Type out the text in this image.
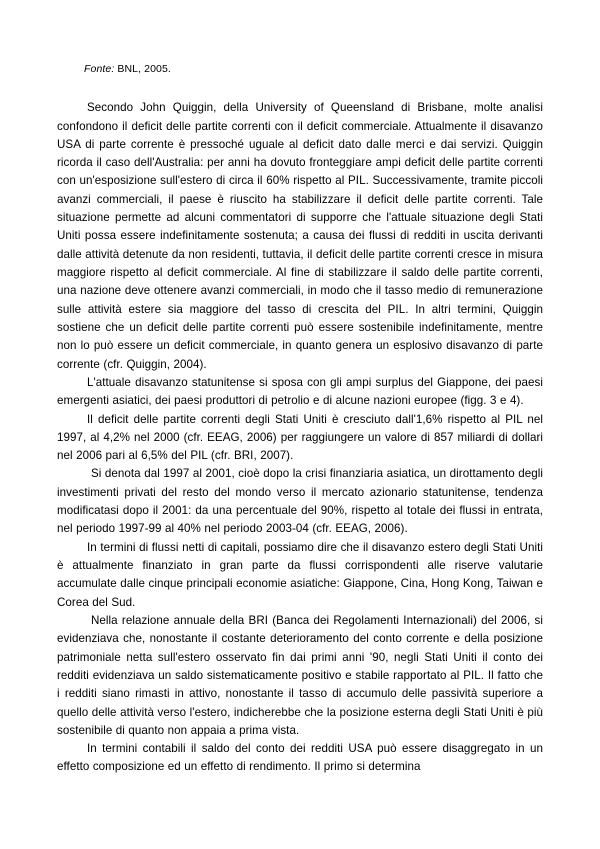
Fonte: BNL, 2005.

Secondo John Quiggin, della University of Queensland di Brisbane, molte analisi confondono il deficit delle partite correnti con il deficit commerciale. Attualmente il disavanzo USA di parte corrente è pressoché uguale al deficit dato dalle merci e dai servizi. Quiggin ricorda il caso dell'Australia: per anni ha dovuto fronteggiare ampi deficit delle partite correnti con un'esposizione sull'estero di circa il 60% rispetto al PIL. Successivamente, tramite piccoli avanzi commerciali, il paese è riuscito ha stabilizzare il deficit delle partite correnti. Tale situazione permette ad alcuni commentatori di supporre che l'attuale situazione degli Stati Uniti possa essere indefinitamente sostenuta; a causa dei flussi di redditi in uscita derivanti dalle attività detenute da non residenti, tuttavia, il deficit delle partite correnti cresce in misura maggiore rispetto al deficit commerciale. Al fine di stabilizzare il saldo delle partite correnti, una nazione deve ottenere avanzi commerciali, in modo che il tasso medio di remunerazione sulle attività estere sia maggiore del tasso di crescita del PIL. In altri termini, Quiggin sostiene che un deficit delle partite correnti può essere sostenibile indefinitamente, mentre non lo può essere un deficit commerciale, in quanto genera un esplosivo disavanzo di parte corrente (cfr. Quiggin, 2004).

L'attuale disavanzo statunitense si sposa con gli ampi surplus del Giappone, dei paesi emergenti asiatici, dei paesi produttori di petrolio e di alcune nazioni europee (figg. 3 e 4).

Il deficit delle partite correnti degli Stati Uniti è cresciuto dall'1,6% rispetto al PIL nel 1997, al 4,2% nel 2000 (cfr. EEAG, 2006) per raggiungere un valore di 857 miliardi di dollari nel 2006 pari al 6,5% del PIL (cfr. BRI, 2007).

Si denota dal 1997 al 2001, cioè dopo la crisi finanziaria asiatica, un dirottamento degli investimenti privati del resto del mondo verso il mercato azionario statunitense, tendenza modificatasi dopo il 2001: da una percentuale del 90%, rispetto al totale dei flussi in entrata, nel periodo 1997-99 al 40% nel periodo 2003-04 (cfr. EEAG, 2006).

In termini di flussi netti di capitali, possiamo dire che il disavanzo estero degli Stati Uniti è attualmente finanziato in gran parte da flussi corrispondenti alle riserve valutarie accumulate dalle cinque principali economie asiatiche: Giappone, Cina, Hong Kong, Taiwan e Corea del Sud.

Nella relazione annuale della BRI (Banca dei Regolamenti Internazionali) del 2006, si evidenziava che, nonostante il costante deterioramento del conto corrente e della posizione patrimoniale netta sull'estero osservato fin dai primi anni '90, negli Stati Uniti il conto dei redditi evidenziava un saldo sistematicamente positivo e stabile rapportato al PIL. Il fatto che i redditi siano rimasti in attivo, nonostante il tasso di accumulo delle passività superiore a quello delle attività verso l'estero, indicherebbe che la posizione esterna degli Stati Uniti è più sostenibile di quanto non appaia a prima vista.

In termini contabili il saldo del conto dei redditi USA può essere disaggregato in un effetto composizione ed un effetto di rendimento. Il primo si determina
